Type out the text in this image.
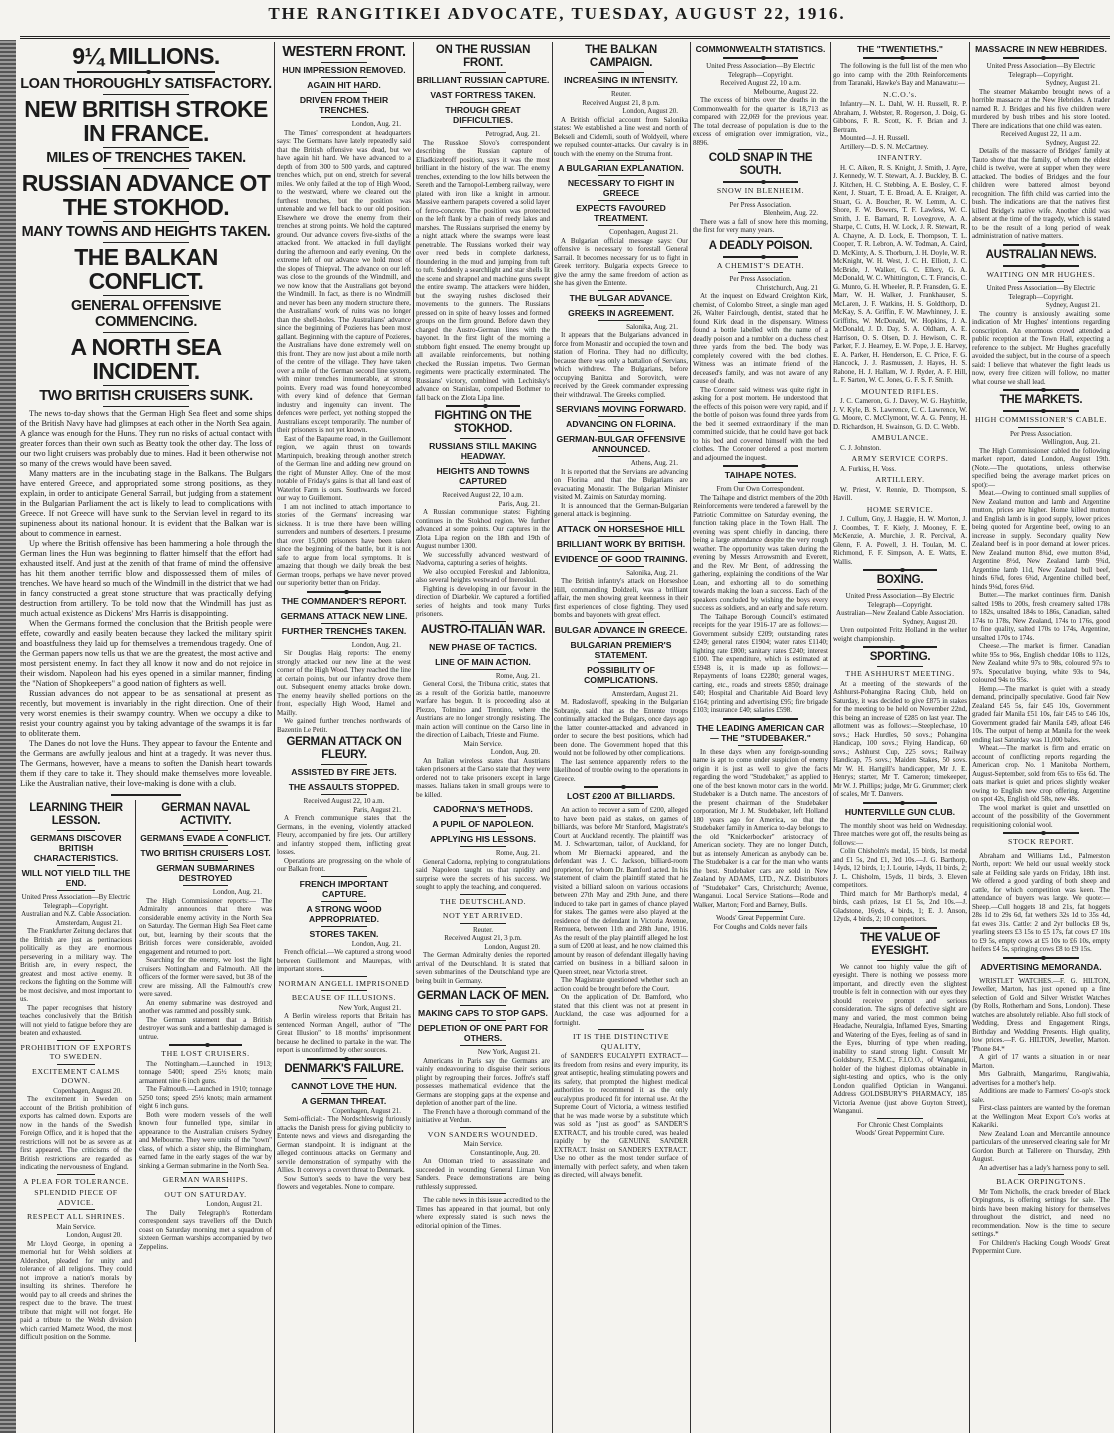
THE RANGITIKEI ADVOCATE, TUESDAY, AUGUST 22, 1916.
9¼ MILLIONS.
LOAN THOROUGHLY SATISFACTORY.
NEW BRITISH STROKE IN FRANCE.
MILES OF TRENCHES TAKEN.
RUSSIAN ADVANCE OT THE STOKHOD.
MANY TOWNS AND HEIGHTS TAKEN.
THE BALKAN CONFLICT.
GENERAL OFFENSIVE COMMENCING.
A NORTH SEA INCIDENT.
TWO BRITISH CRUISERS SUNK.
The news to-day shows that the German High Sea fleet and some ships of the British Navy have had glimpses at each other in the North Sea again. A glance was enough for the Huns. They run no risks of actual contact with greater forces than their own such as Beatty took the other day. The loss of our two light cruisers was probably due to mines. Had it been otherwise not so many of the crews would have been saved.
Many matters are in the incubating stage in the Balkans. The Bulgars have entered Greece, and appropriated some strong positions, as they explain, in order to anticipate General Sarrail, but judging from a statement in the Bulgarian Parliament the act is likely to lead to complications with Greece. If not Greece will have sunk to the Servian level in regard to its supineness about its national honour. It is evident that the Balkan war is about to commence in earnest.
Up where the British offensive has been hammering a hole through the German lines the Hun was beginning to flatter himself that the effort had exhausted itself. And just at the zenith of that frame of mind the offensive has hit them another terrific blow and dispossessed them of miles of trenches. We have heard so much of the Windmill in the district that we had in fancy constructed a great stone structure that was practically defying destruction from artillery. To be told now that the Windmill has just as much actual existence as Dickens' Mrs Harris is disappointing.
When the Germans formed the conclusion that the British people were effete, cowardly and easily beaten because they lacked the military spirit and boastfulness they laid up for themselves a tremendous tragedy. One of the German papers now tells us that we are the greatest, the most active and most persistent enemy. In fact they all know it now and do not rejoice in their wisdom. Napoleon had his eyes opened in a similar manner, finding the "Nation of Shopkeepers" a good nation of fighters as well.
Russian advances do not appear to be as sensational at present as recently, but movement is invariably in the right direction. One of their very worst enemies is their swampy country. When we occupy a dike to resist your country against you by taking advantage of the swamps it is far to obliterate them.
The Danes do not love the Huns. They appear to favour the Entente and the Germans are awfully jealous and hint at a tragedy. It was never thus. The Germans, however, have a means to soften the Danish heart towards them if they care to take it. They should make themselves more loveable. Like the Australian native, their love-making is done with a club.
LEARNING THEIR LESSON.
GERMANS DISCOVER BRITISH CHARACTERISTICS.
WILL NOT YIELD TILL THE END.
United Press Association—By Electric Telegraph—Copyright.
Australian and N.Z. Cable Association.
Amsterdam, August 21.
The Frankfurter Zeitung declares that the British are just as pertinacious politically as they are enormous persevering in a military way. The British are, in every respect, the greatest and most active enemy. It reckons the fighting on the Somme will be most decisive, and most important to us.
The paper recognises that history teaches conclusively that the British will not yield to fatigue before they are beaten and exhausted.
PROHIBITION OF EXPORTS TO SWEDEN.
EXCITEMENT CALMS DOWN.
Copenhagen, August 20.
The excitement in Sweden on account of the British prohibition of exports has calmed down. Exports are now in the hands of the Swedish Foreign Office, and it is hoped that the restrictions will not be as severe as at first appeared. The criticisms of the British restrictions are regarded as indicating the nervousness of England.
A PLEA FOR TOLERANCE.
SPLENDID PIECE OF ADVICE.
RESPECT ALL SHRINES.
Main Service.
London, August 20.
Mr Lloyd George, in opening a memorial hut for Welsh soldiers at Aldershot, pleaded for unity and tolerance of all religions. They could not improve a nation's morals by insulting its shrines. Therefore he would pay to all creeds and shrines the respect due to the brave. The truest tribute that might will not forget. He paid a tribute to the Welsh division which carried Mametz Wood, the most difficult position on the Somme.
GERMAN NAVAL ACTIVITY.
GERMANS EVADE A CONFLICT.
TWO BRITISH CRUISERS LOST.
GERMAN SUBMARINES DESTROYED
London, Aug. 21.
The High Commissioner reports:— The Admiralty announces that there was considerable enemy activity in the North Sea on Saturday. The German High Sea Fleet came out, but, learning by their scouts that the British forces were considerable, avoided engagement and returned to port.
Searching for the enemy, we lost the light cruisers Nottingham and Falmouth. All the officers of the former were saved, but 38 of the crew are missing. All the Falmouth's crew were saved.
An enemy submarine was destroyed and another was rammed and possibly sunk.
The German statement that a British destroyer was sunk and a battleship damaged is untrue.
THE LOST CRUISERS.
The Nottingham.—Launched in 1913; tonnage 5400; speed 25½ knots; main armament nine 6 inch guns.
The Falmouth.—Launched in 1910; tonnage 5250 tons; speed 25½ knots; main armament eight 6 inch guns.
Both were modern vessels of the well known four funnelled type, similar in appearance to the Australian cruisers Sydney and Melbourne. They were units of the "town" class, of which a sister ship, the Birmingham, earned fame in the early stages of the war by sinking a German submarine in the North Sea.
GERMAN WARSHIPS.
OUT ON SATURDAY.
London, August 21.
The Daily Telegraph's Rotterdam correspondent says travellers off the Dutch coast on Saturday morning met a squadron of sixteen German warships accompanied by two Zeppelins.
WESTERN FRONT.
HUN IMPRESSION REMOVED.
AGAIN HIT HARD.
DRIVEN FROM THEIR TRENCHES.
London, Aug. 21.
The Times' correspondent at headquarters says: The Germans have lately repeatedly said that the British offensive was dead, but we have again hit hard. We have advanced to a depth of from 300 to 500 yards, and captured trenches which, put on end, stretch for several miles. We only failed at the top of High Wood, to the westward, where we cleared out the furthest trenches, but the position was untenable and we fell back to our old position. Elsewhere we drove the enemy from their trenches at strong points. We hold the captured ground. Our advance covers five-sixths of the attacked front. We attacked in full daylight during the afternoon and early evening. On the extreme left of our advance we hold most of the slopes of Thiepval. The advance on our left was close to the grounds of the Windmill, and we now know that the Australians got beyond the Windmill. In fact, as there is no Windmill and never has been any modern structure there, the Australians' work of ruins was no longer than the shell-holes. The Australians' advance since the beginning of Pozieres has been most gallant. Beginning with the capture of Pozieres, the Australians have done extremely well on this front. They are now just about a mile north of the centre of the village. They have taken over a mile of the German second line system, with minor trenches innumerable, at strong points. Every road was found honeycombed with every kind of defence that German industry and ingenuity can invent. The defences were perfect, yet nothing stopped the Australians except temporarily. The number of their prisoners is not yet known.
East of the Bapaume road, in the Guillemont region, we again thrust on towards Martinpuich, breaking through another stretch of the German line and adding new ground on the right of Munster Alley. One of the most notable of Friday's gains is that all land east of Waterlot Farm is ours. Southwards we forced our way to Guillemont.
I am not inclined to attach importance to stories of the Germans' increasing war sickness. It is true there have been willing surrenders and numbers of deserters. I presume that over 15,000 prisoners have been taken since the beginning of the battle, but it is not safe to argue from local symptoms. It is amazing that though we daily break the best German troops, perhaps we have never proved our superiority better than on Friday.
THE COMMANDER'S REPORT.
GERMANS ATTACK NEW LINE.
FURTHER TRENCHES TAKEN.
London, Aug. 21.
Sir Douglas Haig reports: The enemy strongly attacked our new line at the west corner of the High Wood. They reached the line at certain points, but our infantry drove them out. Subsequent enemy attacks broke down. The enemy heavily shelled portions on the front, especially High Wood, Hamel and Mailly.
We gained further trenches northwards of Bazentin Le Petit.
GERMAN ATTACK ON FLEURY.
ASSISTED BY FIRE JETS.
THE ASSAULTS STOPPED.
Received August 22, 10 a.m.
Paris, August 21.
A French communique states that the Germans, in the evening, violently attacked Fleury, accompanied by fire jets. Our artillery and infantry stopped them, inflicting great losses.
Operations are progressing on the whole of our Balkan front.
FRENCH IMPORTANT CAPTURE.
A STRONG WOOD APPROPRIATED.
STORES TAKEN.
London, Aug. 21.
French official.—We captured a strong wood between Guillemont and Maurepas, with important stores.
NORMAN ANGELL IMPRISONED
BECAUSE OF ILLUSIONS.
New York, August 21.
A Berlin wireless reports that Britain has sentenced Norman Angell, author of "The Great Illusion" to 18 months' imprisonment because he declined to partake in the war. The report is unconfirmed by other sources.
DENMARK'S FAILURE.
CANNOT LOVE THE HUN.
A GERMAN THREAT.
Copenhagen, August 21.
Semi-official:- The Nordschleswig furiously attacks the Danish press for giving publicity to Entente news and views and disregarding the German standpoint. It is indignant at the alleged continuous attacks on Germany and servile demonstration of sympathy with the Allies. It conveys a covert threat to Denmark.
Sow Sutton's seeds to have the very best flowers and vegetables. None to compare.
ON THE RUSSIAN FRONT.
BRILLIANT RUSSIAN CAPTURE.
VAST FORTRESS TAKEN.
THROUGH GREAT DIFFICULTIES.
Petrograd, Aug. 21.
The Russkoe Slovo's correspondent describing the Russian capture of Eliadkizebroff position, says it was the most brilliant in the history of the war. The enemy trenches, extending to the low hills between the Sereth and the Tarnopol-Lemberg railway, were plated with iron like a knight in armour. Massive earthern parapets covered a solid layer of ferro-concrete. The position was protected on the left flank by a chain of reedy lakes and marshes. The Russians surprised the enemy by a night attack where the swamps were least penetrable. The Russians worked their way over reed beds in complete darkness, floundering in the mud and jumping from tuft to tuft. Suddenly a searchlight and star shells lit the scene and shrapnel and machine guns swept the entire swamp. The attackers were hidden, but the swaying rushes disclosed their movements to the gunners. The Russians pressed on in spite of heavy losses and formed groups on the firm ground. Before dawn they charged the Austro-German lines with the bayonet. In the first light of the morning a stubborn fight ensued. The enemy brought up all available reinforcements, but nothing checked the Russian impetus. Two German regiments were practically exterminated. The Russians' victory, combined with Lechitsky's advance on Stanislau, compelled Bothmer to fall back on the Zlota Lipa line.
FIGHTING ON THE STOKHOD.
RUSSIANS STILL MAKING HEADWAY.
HEIGHTS AND TOWNS CAPTURED
Received August 22, 10 a.m.
Paris, Aug. 21.
A Russian communique states: Fighting continues in the Stokhod region. We further advanced at some points. Our captures in the Zlota Lipa region on the 18th and 19th of August number 1300.
We successfully advanced westward of Nadvorna, capturing a series of heights.
We also occupied Fereskul and Jablonitza, also several heights westward of Ineroskul.
Fighting is developing in our favour in the direction of Diarbekir. We captured a fortified series of heights and took many Turks prisoners.
AUSTRO-ITALIAN WAR.
NEW PHASE OF TACTICS.
LINE OF MAIN ACTION.
Rome, Aug. 21.
General Corsi, the Tribuna critic, states that as a result of the Gorizia battle, manoeuvre warfare has begun. It is proceeding also at Plezzo, Tolmino and Trentino, where the Austrians are no longer strongly resisting. The main action will continue on the Carso line in the direction of Laibach, Trieste and Fiume.
Main Service.
London, Aug. 20.
An Italian wireless states that Austrians taken prisoners at the Carso state that they were ordered not to take prisoners except in large masses. Italians taken in small groups were to be killed.
CADORNA'S METHODS.
A PUPIL OF NAPOLEON.
APPLYING HIS LESSONS.
Rome, Aug. 21.
General Cadorna, replying to congratulations said Napoleon taught us that rapidity and surprise were the secrets of his success. We sought to apply the teaching, and conquered.
THE DEUTSCHLAND.
NOT YET ARRIVED.
Reuter.
Received August 21, 3 p.m.
London, August 20.
The German Admiralty denies the reported arrival of the Deutschland. It is stated that seven submarines of the Deutschland type are being built in Germany.
GERMAN LACK OF MEN.
MAKING CAPS TO STOP GAPS.
DEPLETION OF ONE PART FOR OTHERS.
New York, August 21.
Americans in Paris say the Germans are vainly endeavouring to disguise their serious plight by regrouping their forces. Joffre's staff possesses mathematical evidence that the Germans are stopping gaps at the expense and depletion of another part of the line.
The French have a thorough command of the initiative at Verdun.
VON SANDERS WOUNDED.
Main Service.
Constantinople, Aug. 20.
An Ottoman tried to assassinate and succeeded in wounding General Liman Von Sanders. Peace demonstrations are being ruthlessly suppressed.
The cable news in this issue accredited to the Times has appeared in that journal, but only where expressly stated is such news the editorial opinion of the Times.
THE BALKAN CAMPAIGN.
INCREASING IN INTENSITY.
Reuter.
Received August 21, 8 p.m.
London, August 20.
A British official account from Salonika states: We established a line west and north of Bekseli and Cidemli, south of Woldyeil, where we repulsed counter-attacks. Our cavalry is in touch with the enemy on the Struma front.
A BULGARIAN EXPLANATION.
NECESSARY TO FIGHT IN GREECE
EXPECTS FAVOURED TREATMENT.
Copenhagen, August 21.
A Bulgarian official message says: Our offensive is necessary to forestall General Sarrail. It becomes necessary for us to fight in Greek territory. Bulgaria expects Greece to give the army the same freedom of action as she has given the Entente.
THE BULGAR ADVANCE.
GREEKS IN AGREEMENT.
Salonika, Aug. 21.
It appears that the Bulgarians advanced in force from Monastir and occupied the town and station of Florina. They had no difficulty, because there was only a battalion of Servians, which withdrew. The Bulgarians, before occupying Banitza and Sorovitch, were received by the Greek commander expressing their withdrawal. The Greeks complied.
SERVIANS MOVING FORWARD.
ADVANCING ON FLORINA.
GERMAN-BULGAR OFFENSIVE ANNOUNCED.
Athens, Aug. 21.
It is reported that the Servians are advancing on Florina and that the Bulgarians are evacuating Monastir. The Bulgarian Minister visited M. Zaimis on Saturday morning.
It is announced that the German-Bulgarian general attack is beginning.
ATTACK ON HORSESHOE HILL
BRILLIANT WORK BY BRITISH.
EVIDENCE OF GOOD TRAINING.
Salonika, Aug. 21.
The British infantry's attack on Horseshoe Hill, commanding Doldzeli, was a brilliant affair, the men showing great keenness in their first experiences of close fighting. They used bombs and bayonets with great effect.
BULGAR ADVANCE IN GREECE.
BULGARIAN PREMIER'S STATEMENT.
POSSIBILITY OF COMPLICATIONS.
Amsterdam, August 21.
M. Radoslavoff, speaking in the Bulgarian Sobranje, said that as the Entente troops continually attacked the Bulgars, once days ago the latter counter-attacked and advanced in order to secure the best positions, which had been done. The Government hoped that this would not be followed by other complications.
The last sentence apparently refers to the likelihood of trouble owing to the operations in Greece.
LOST £200 AT BILLIARDS.
An action to recover a sum of £200, alleged to have been paid as stakes, on games of billiards, was before Mr Stanford, Magistrate's Court at Auckland recently. The plaintiff was M. J. Schwartzman, tailor, of Auckland, for whom Mr Biernacki appeared, and the defendant was J. C. Jackson, billiard-room proprietor, for whom Dr. Bamford acted. In his statement of claim the plaintiff stated that he visited a billiard saloon on various occasions between 27th May and 29th June, and there induced to take part in games of chance played for stakes. The games were also played at the residence of the defendant in Victoria Avenue, Remuera, between 11th and 28th June, 1916. As the result of the play plaintiff alleged he lost a sum of £200 at least, and he now claimed this amount by reason of defendant illegally having carried on business in a billiard saloon in Queen street, near Victoria street.
The Magistrate questioned whether such an action could be brought before the Court.
On the application of Dr. Bamford, who stated that this client was not at present in Auckland, the case was adjourned for a fortnight.
IT IS THE DISTINCTIVE QUALITY,
of SANDER'S EUCALYPTI EXTRACT—its freedom from resins and every impurity, its great antiseptic, healing stimulating powers and its safety, that prompted the highest medical authorities to recommend it as the only eucalyptus produced fit for internal use. At the Supreme Court of Victoria, a witness testified that he was made worse by a substitute which was sold as "just as good" as SANDER'S EXTRACT, and his trouble cured, was healed rapidly by the GENUINE SANDER EXTRACT. Insist on SANDER'S EXTRACT. Use no other as the most tender surface of internally with perfect safety, and when taken as directed, will always benefit.
COMMONWEALTH STATISTICS.
United Press Association—By Electric Telegraph—Copyright.
Received August 22, 10 a.m.
Melbourne, August 22.
The excess of births over the deaths in the Commonwealth for the quarter is 18,713 as compared with 22,069 for the previous year. The total decrease of population is due to the excess of emigration over immigration, viz., 8896.
COLD SNAP IN THE SOUTH.
SNOW IN BLENHEIM.
Per Press Association.
Blenheim, Aug. 22.
There was a fall of snow here this morning, the first for very many years.
A DEADLY POISON.
A CHEMIST'S DEATH.
Per Press Association.
Christchurch, Aug. 21
At the inquest on Edward Creighton Kirk, chemist, of Colombo Street, a single man aged 26, Walter Fairclough, dentist, stated that he found Kirk dead in the dispensary. Witness found a bottle labelled with the name of a deadly poison and a tumbler on a duchess chest three yards from the bed. The body was completely covered with the bed clothes. Witness was an intimate friend of the deceased's family, and was not aware of any cause of death.
The Coroner said witness was quite right in asking for a post mortem. He understood that the effects of this poison were very rapid, and if the bottle of poison was found three yards from the bed it seemed extraordinary if the man committed suicide, that he could have got back to his bed and covered himself with the bed clothes. The Coroner ordered a post mortem and adjourned the inquest.
TAIHAPE NOTES.
From Our Own Correspondent.
The Taihape and district members of the 20th Reinforcements were tendered a farewell by the Patriotic Committee on Saturday evening, the function taking place in the Town Hall. The evening was spent chiefly in dancing, there being a large attendance despite the very rough weather. The opportunity was taken during the evening by Messrs Arrowsmith and Everett, and the Rev. Mr Bent, of addressing the gathering, explaining the conditions of the War Loan, and exhorting all to do something towards making the loan a success. Each of the speakers concluded by wishing the boys every success as soldiers, and an early and safe return.
The Taihape Borough Council's estimated receipts for the year 1916-17 are as follows:—Government subsidy £209; outstanding rates £249; general rates £1904; water rates £1140; lighting rate £800; sanitary rates £240; interest £100. The expenditure, which is estimated at £5948 is, it is made up as follows:—Repayments of loans £2280; general wages, carting, etc., roads and streets £850; drainage £40; Hospital and Charitable Aid Board levy £164; printing and advertising £95; fire brigade £103; insurance £40; salaries £598.
THE LEADING AMERICAN CAR — THE "STUDEBAKER."
In these days when any foreign-sounding name is apt to come under suspicion of enemy origin it is just as well to give the facts regarding the word "Studebaker," as applied to one of the best known motor cars in the world. Studebaker is a Dutch name. The ancestors of the present chairman of the Studebaker corporation, Mr J. M. Studebaker, left Holland 180 years ago for America, so that the Studebaker family in America to-day belongs to the old "Knickerbocker" aristocracy of American society. They are no longer Dutch, but as intensely American as anybody can be. The Studebaker is a car for the man who wants the best. Studebaker cars are sold in New Zealand by ADAMS, LTD., N.Z. Distributors of "Studebaker" Cars, Christchurch; Avenue, Wanganui. Local Service Stations—Rode and Walker, Marton; Ford and Barney, Bulls.
Woods' Great Peppermint Cure.
For Coughs and Colds never fails
THE "TWENTIETHS."
The following is the full list of the men who go into camp with the 20th Reinforcements from Taranaki, Hawke's Bay and Manawatu:—
N.C.O.'s.
Infantry—N. L. Dahl, W. H. Russell, R. P. Abraham, J. Webster, R. Rogerson, J. Doig, G. Gibbons, F. R. Scott, K. F. Brian and J. Bertram.
Mounted—J. H. Russell.
Artillery—D. S. N. McCartney.
INFANTRY.
H. C. Aiken, R. S. Knight, J. Smith, J. Ayre, J. Kennedy, W. T. Stewart, A. J. Buckley, B. C. J. Kitchen, H. C. Stebbing, A. E. Bosley, C. F. Kent, J. Stuart, T. E. Broad, A. E. Kraiger, A. Stuart, G. A. Boucher, R. W. Lemm, A. C. Shore, F. W. Bowers, T. F. Lawless, W. C. Smith, J. E. Barnard, R. Lovegrove, A. A. Sharpe, C. Cutts, H. W. Lock, J. R. Stewart, R. A. Chayne, A. D. Lock, E. Thompson, T. L. Cooper, T. R. Lebron, A. W. Todman, A. Caird, D. McKinty, A. S. Thorburn, J. H. Doyle, W. R. McKnight, W. H. West, J. C. H. Elliott, J. C. McBride, J. Walker, G. C. Ellery, G. A. McDonald, W. C. Whittington, C. T. Francis, C. G. Munro, G. H. Wheeler, R. P. Fransden, G. E. Marr, W. H. Walker, J. Frankhauser, S. McLaren, J. F. Watkins, H. S. Goldthorp, D. McKay, S. A. Griffin, F. W. Mawhinney, J. E. Griffiths, W. McDonald, W. Hopkins, J. A. McDonald, J. D. Day, S. A. Oldham, A. E. Harrison, O. S. Olsen, D. J. Hewison, C. R. Parker, F. J. Hearney, E. W. Pope, J. E. Harvey, E. A. Parker, H. Henderson, E. C. Price, F. G. Hancock, J. J. Rasmussen, J. Hayes, H. S. Rahone, H. J. Hallam, W. J. Ryder, A. F. Hill, L. F. Sarten, W. C. Jones, G. F. S. F. Smith.
MOUNTED RIFLES.
J. C. Cameron, G. J. Davey, W. G. Hayhittle, J. V. Kyle, B. S. Lawrence, C. C. Lawrence, W. G. Moore, C. McClymont, W. A. G. Penny, H. D. Richardson, H. Swainson, G. D. C. Webb.
AMBULANCE.
C. J. Johnston.
ARMY SERVICE CORPS.
A. Furkiss, H. Voss.
ARTILLERY.
W. Priest, V. Rennie, D. Thompson, S. Havill.
HOME SERVICE.
J. Cullum, Gny, J. Haggie, H. W. Morton, J. J. Coombes, T. F. Kiely, J. Mooney, F. E. McKenzie, A. Murchie, J. R. Percival, A. Glenn, F. A. Powell, J. H. Toulan, M. C. Richmond, F. F. Simpson, A. E. Watts, E. Wallis.
BOXING.
United Press Association—By Electric Telegraph—Copyright.
Australian—New Zealand Cable Association.
Sydney, August 20.
Uren outpointed Fritz Holland in the welter weight championship.
SPORTING.
THE ASHHURST MEETING.
At a meeting of the stewards of the Ashhurst-Pohangina Racing Club, held on Saturday, it was decided to give £875 in stakes for the meeting to be held on November 22nd, this being an increase of £285 on last year. The allotment was as follows:—Steeplechase, 10 sovs.; Hack Hurdles, 50 sovs.; Pohangina Handicap, 100 sovs.; Flying Handicap, 60 sovs.; Ashhurst Cup, 225 sovs.; Railway Handicap, 75 sovs.; Maiden Stakes, 50 sovs. Mr W. H. Hartgill's handicapper, Mr J. E. Henrys; starter, Mr T. Cameron; timekeeper, Mr W. J. Phillips; judge, Mr G. Grummer; clerk of scales, Mr T. Danvers.
HUNTERVILLE GUN CLUB.
The monthly shoot was held on Wednesday. Three matches were got off, the results being as follows:—
Colin Chisholm's medal, 15 birds, 1st medal and £1 5s, 2nd £1, 3rd 10s.—J. G. Barthorp, 14yds, 12 birds, 1; J. Lourie, 14yds, 11 birds, 2; J. L. Chisholm, 15yds, 11 birds, 3. Eleven competitors.
Third match for Mr Barthorp's medal, 4 birds, cash prizes, 1st £1 5s, 2nd 10s.—J. Gladstone, 16yds, 4 birds, 1; E. J. Anson, 12yds, 4 birds, 2; 10 competitors.
THE VALUE OF EYESIGHT.
We cannot too highly value the gift of eyesight. There is nothing we possess more important, and directly even the slightest trouble is felt in connection with our eyes they should receive prompt and serious consideration. The signs of defective sight are many and varied, the most common being Headache, Neuralgia, Inflamed Eyes, Smarting and Watering of the Eyes, feeling as of sand in the Eyes, blurring of type when reading, inability to stand strong light. Consult Mr Goldsbury, F.S.M.C., F.I.O.O., of Wanganui, holder of the highest diplomas obtainable in sight-testing and optics, who is the only London qualified Optician in Wanganui. Address GOLDSBURY'S PHARMACY, 185 Victoria Avenue (just above Guyton Street), Wanganui.
For Chronic Chest Complaints
Woods' Great Peppermint Cure.
MASSACRE IN NEW HEBRIDES.
United Press Association—By Electric Telegraph—Copyright.
Sydney, August 21.
The steamer Makambo brought news of a horrible massacre at the New Hebrides. A trader named R. J. Bridges and his five children were murdered by bush tribes and his store looted. There are indications that one child was eaten.
Received August 22, 11 a.m.
Sydney, August 22.
Details of the massacre of Bridges' family at Tauto show that the family, of whom the eldest child is twelve, were at supper when they were attacked. The bodies of Bridges and the four children were battered almost beyond recognition. The fifth child was carried into the bush. The indications are that the natives first killed Bridge's native wife. Another child was absent at the time of the tragedy, which is stated to be the result of a long period of weak administration of native matters.
AUSTRALIAN NEWS.
WAITING ON MR HUGHES.
United Press Association—By Electric Telegraph—Copyright.
Sydney, August 21.
The country is anxiously awaiting some indication of Mr Hughes' intentions regarding conscription. An enormous crowd attended a public reception at the Town Hall, expecting a reference to the subject. Mr Hughes gracefully avoided the subject, but in the course of a speech said: I believe that whatever the fight leads us now, every free citizen will follow, no matter what course we shall lead.
THE MARKETS.
HIGH COMMISSIONER'S CABLE.
Per Press Association.
Wellington, Aug. 21.
The High Commissioner cabled the following market report, dated London, August 19th. (Note.—The quotations, unless otherwise specified being the average market prices on spot):—
Meat.—Owing to continued small supplies of New Zealand mutton and lamb and Argentine mutton, prices are higher. Home killed mutton and English lamb is in good supply, lower prices being quoted for Argentine beef, owing to an increase in supply. Secondary quality New Zealand beef is in poor demand at lower prices. New Zealand mutton 8¾d, ewe mutton 8⅛d, Argentine 8½d, New Zealand lamb 9¾d, Argentine lamb 11d, New Zealand bull beef, hinds 6⅞d, fores 6¾d, Argentine chilled beef, hinds 9⅛d, fores 6⅛d.
Butter.—The market continues firm. Danish salted 198s to 200s, fresh creamery salted 178s to 182s, unsalted 184s to 186s, Canadian, salted 174s to 178s, New Zealand, 174s to 176s, good to fine quality, salted 170s to 174s, Argentine, unsalted 170s to 174s.
Cheese.—The market is firmer. Canadian white 95s to 96s, English cheddar 108s to 112s, New Zealand white 97s to 98s, coloured 97s to 97s. Speculative buying, white 93s to 94s, coloured 94s to 95s.
Hemp.—The market is quiet with a steady demand, principally speculative. Good fair New Zealand £45 5s, fair £45 10s, Government graded fair Manila £51 10s, fair £45 to £46 10s, Government graded fair Manila £49, afloat £46 10s. The output of hemp at Manila for the week ending last Saturday was 11,000 bales.
Wheat.—The market is firm and erratic on account of conflicting reports regarding the American crop. No. 1 Manitoba Northern, August-September, sold from 65s to 65s 6d. The oats market is quiet and prices slightly weaker owing to English new crop offering. Argentine on spot 42s, English old 58s, new 48s.
The wool market is quiet and unsettled on account of the possibility of the Government requisitioning colonial wool.
STOCK REPORT.
Abraham and Williams Ltd., Palmerston North, report: We held our usual weekly stock sale at Feilding sale yards on Friday, 18th inst. We offered a good yarding of both sheep and cattle, for which competition was keen. The attendance of buyers was large. We quote:—Sheep.—Cull hoggets 18 and 21s, fat hoggets 28s 1d to 29s 6d, fat wethers 32s 1d to 35s 4d, fat ewes 31s. Cattle: 2 and 2yr bullocks £8 9s, yearling steers £3 15s to £5 17s, fat cows £7 10s to £9 5s, empty cows at £5 10s to £6 10s, empty heifers £4 5s, springing cows £8 to £9 15s.
ADVERTISING MEMORANDA.
WRISTLET WATCHES.—F. G. HILTON, Jeweller, Marton, has just opened up a fine selection of Gold and Silver Wristlet Watches (by Rolls, Rotherham and Sons, London). These watches are absolutely reliable. Also full stock of Wedding, Dress and Engagement Rings, Birthday and Wedding Presents. High quality, low prices.—F. G. HILTON, Jeweller, Marton. 'Phone 84.*
A girl of 17 wants a situation in or near Marton.
Mrs Galbraith, Mangarimu, Rangiwahia, advertises for a mother's help.
Additions are made to Farmers' Co-op's stock sale.
First-class painters are wanted by the foreman at the Wellington Meat Export Co's works at Kakariki.
New Zealand Loan and Mercantile announce particulars of the unreserved clearing sale for Mr Gordon Burch at Tallerere on Thursday, 29th August.
An advertiser has a lady's harness pony to sell.
BLACK ORPINGTONS.
Mr Tom Nicholls, the crack breeder of Black Orpingtons, is offering settings for sale. The birds have been making history for themselves throughout the district, and need no recommendation. Now is the time to secure settings.*
For Children's Hacking Cough Woods' Great Peppermint Cure.
